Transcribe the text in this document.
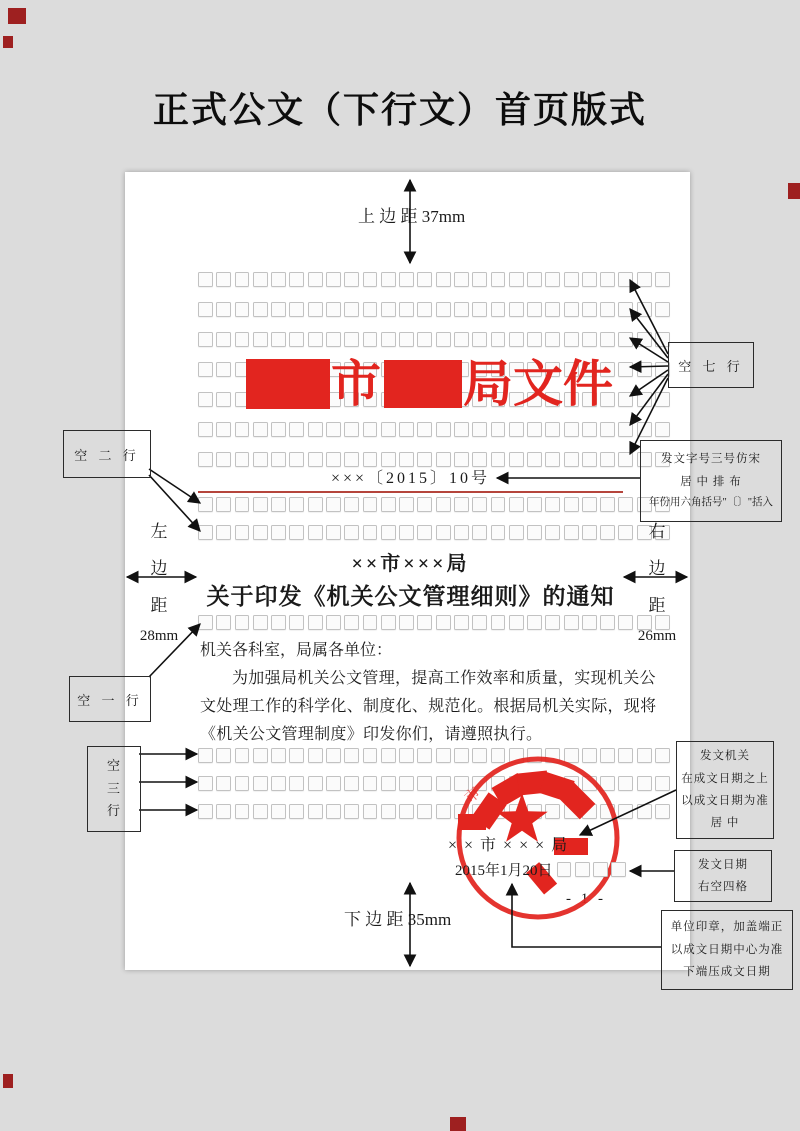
正式公文（下行文）首页版式
市 局文件
×××〔2015〕10号
××市×××局
关于印发《机关公文管理细则》的通知
机关各科室，局属各单位：
为加强局机关公文管理，提高工作效率和质量，实现机关公
文处理工作的科学化、制度化、规范化。根据局机关实际，现将
《机关公文管理制度》印发你们，请遵照执行。
市
××市×××局
2015年1月20日
- 1 -
上 边 距 37mm
下 边 距 35mm
左
边
距
28mm
右
边
距
26mm
空 七 行
发文字号三号仿宋
居 中 排 布
年份用六角括号"〔〕"括入
空 二 行
空 一 行
空
三
行
发文机关
在成文日期之上
以成文日期为准
居 中
发文日期
右空四格
单位印章，加盖端正
以成文日期中心为准
下端压成文日期
